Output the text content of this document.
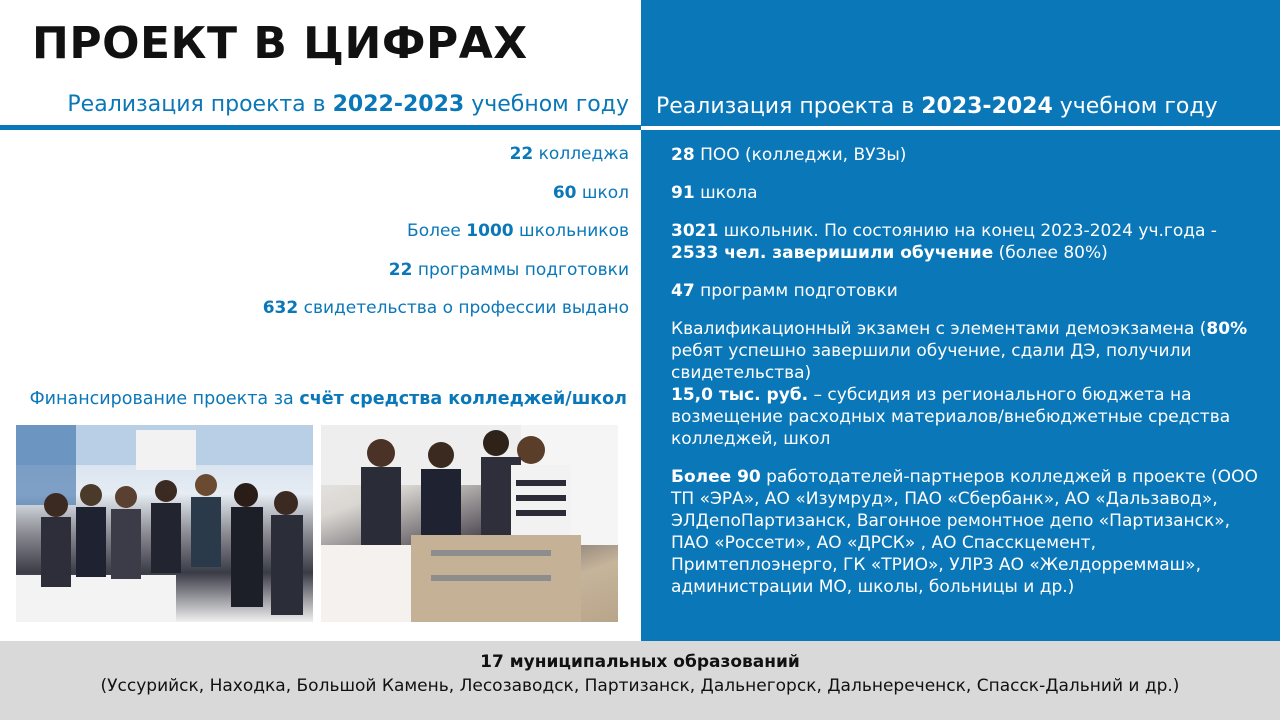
ПРОЕКТ В ЦИФРАХ
Реализация проекта в 2022-2023 учебном году
22 колледжа
60 школ
Более 1000 школьников
22 программы подготовки
632 свидетельства о профессии выдано
Финансирование проекта за счёт средства колледжей/школ
Реализация проекта в 2023-2024 учебном году
28 ПОО (колледжи, ВУЗы)
91 школа
3021 школьник. По состоянию на конец 2023-2024 уч.года - 2533 чел. заверишили обучение (более 80%)
47 программ подготовки
Квалификационный экзамен с элементами демоэкзамена (80% ребят успешно завершили обучение, сдали ДЭ, получили свидетельства)
15,0 тыс. руб. – субсидия из регионального бюджета на возмещение расходных материалов/внебюджетные средства колледжей, школ
Более 90 работодателей-партнеров колледжей в проекте (ООО ТП «ЭРА», АО «Изумруд», ПАО «Сбербанк», АО «Дальзавод», ЭЛДепоПартизанск, Вагонное ремонтное депо «Партизанск», ПАО «Россети», АО «ДРСК» , АО Спасскцемент, Примтеплоэнерго, ГК «ТРИО», УЛРЗ АО «Желдорреммаш», администрации МО, школы, больницы и др.)
17 муниципальных образований
(Уссурийск, Находка, Большой Камень, Лесозаводск, Партизанск, Дальнегорск, Дальнереченск, Спасск-Дальний и др.)
